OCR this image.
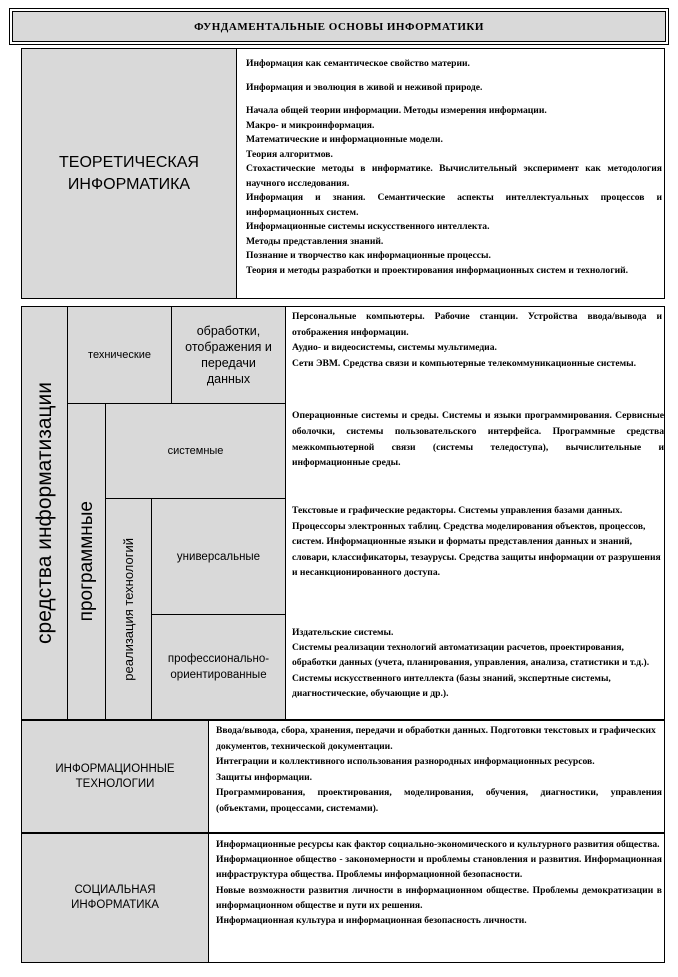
ФУНДАМЕНТАЛЬНЫЕ ОСНОВЫ ИНФОРМАТИКИ
ТЕОРЕТИЧЕСКАЯ ИНФОРМАТИКА

Информация как семантическое свойство материи.

Информация и эволюция в живой и неживой природе.

Начала общей теории информации. Методы измерения информации.

Макро- и микроинформация.

Математические и информационные модели.

Теория алгоритмов.

Стохастические методы в информатике. Вычислительный эксперимент как методология научного исследования.

Информация и знания. Семантические аспекты интеллектуальных процессов и информационных систем.

Информационные системы искусственного интеллекта.

Методы представления знаний.

Познание и творчество как информационные процессы.

Теория и методы разработки и проектирования информационных систем и технологий.

средства информатизации
технические
обработки, отображения и передачи данных

Персональные компьютеры. Рабочие станции. Устройства ввода/вывода и отображения информации.

Аудио- и видеосистемы, системы мультимедиа.

Сети ЭВМ. Средства связи и компьютерные телекоммуникационные системы.

программные
системные
Операционные системы и среды. Системы и языки программирования. Сервисные оболочки, системы пользовательского интерфейса. Программные средства межкомпьютерной связи (системы теледоступа), вычислительные и информационные среды.
реализация технологий	универсальные
Текстовые и графические редакторы. Системы управления базами данных. Процессоры электронных таблиц. Средства моделирования объектов, процессов, систем. Информационные языки и форматы представления данных и знаний, словари, классификаторы, тезаурусы. Средства защиты информации от разрушения и несанкционированного доступа.
профессионально-ориентированные

Издательские системы.

Системы реализации технологий автоматизации расчетов, проектирования, обработки данных (учета, планирования, управления, анализа, статистики и т.д.).

Системы искусственного интеллекта (базы знаний, экспертные системы, диагностические, обучающие и др.).

ИНФОРМАЦИОННЫЕ ТЕХНОЛОГИИ

Ввода/вывода, сбора, хранения, передачи и обработки данных. Подготовки текстовых и графических документов, технической документации.

Интеграции и коллективного использования разнородных информационных ресурсов.

Защиты информации.

Программирования, проектирования, моделирования, обучения, диагностики, управления (объектами, процессами, системами).

СОЦИАЛЬНАЯ ИНФОРМАТИКА

Информационные ресурсы как фактор социально-экономического и культурного развития общества.

Информационное общество - закономерности и проблемы становления и развития. Информационная инфраструктура общества. Проблемы информационной безопасности.

Новые возможности развития личности в информационном обществе. Проблемы демократизации в информационном обществе и пути их решения.

Информационная культура и информационная безопасность личности.
